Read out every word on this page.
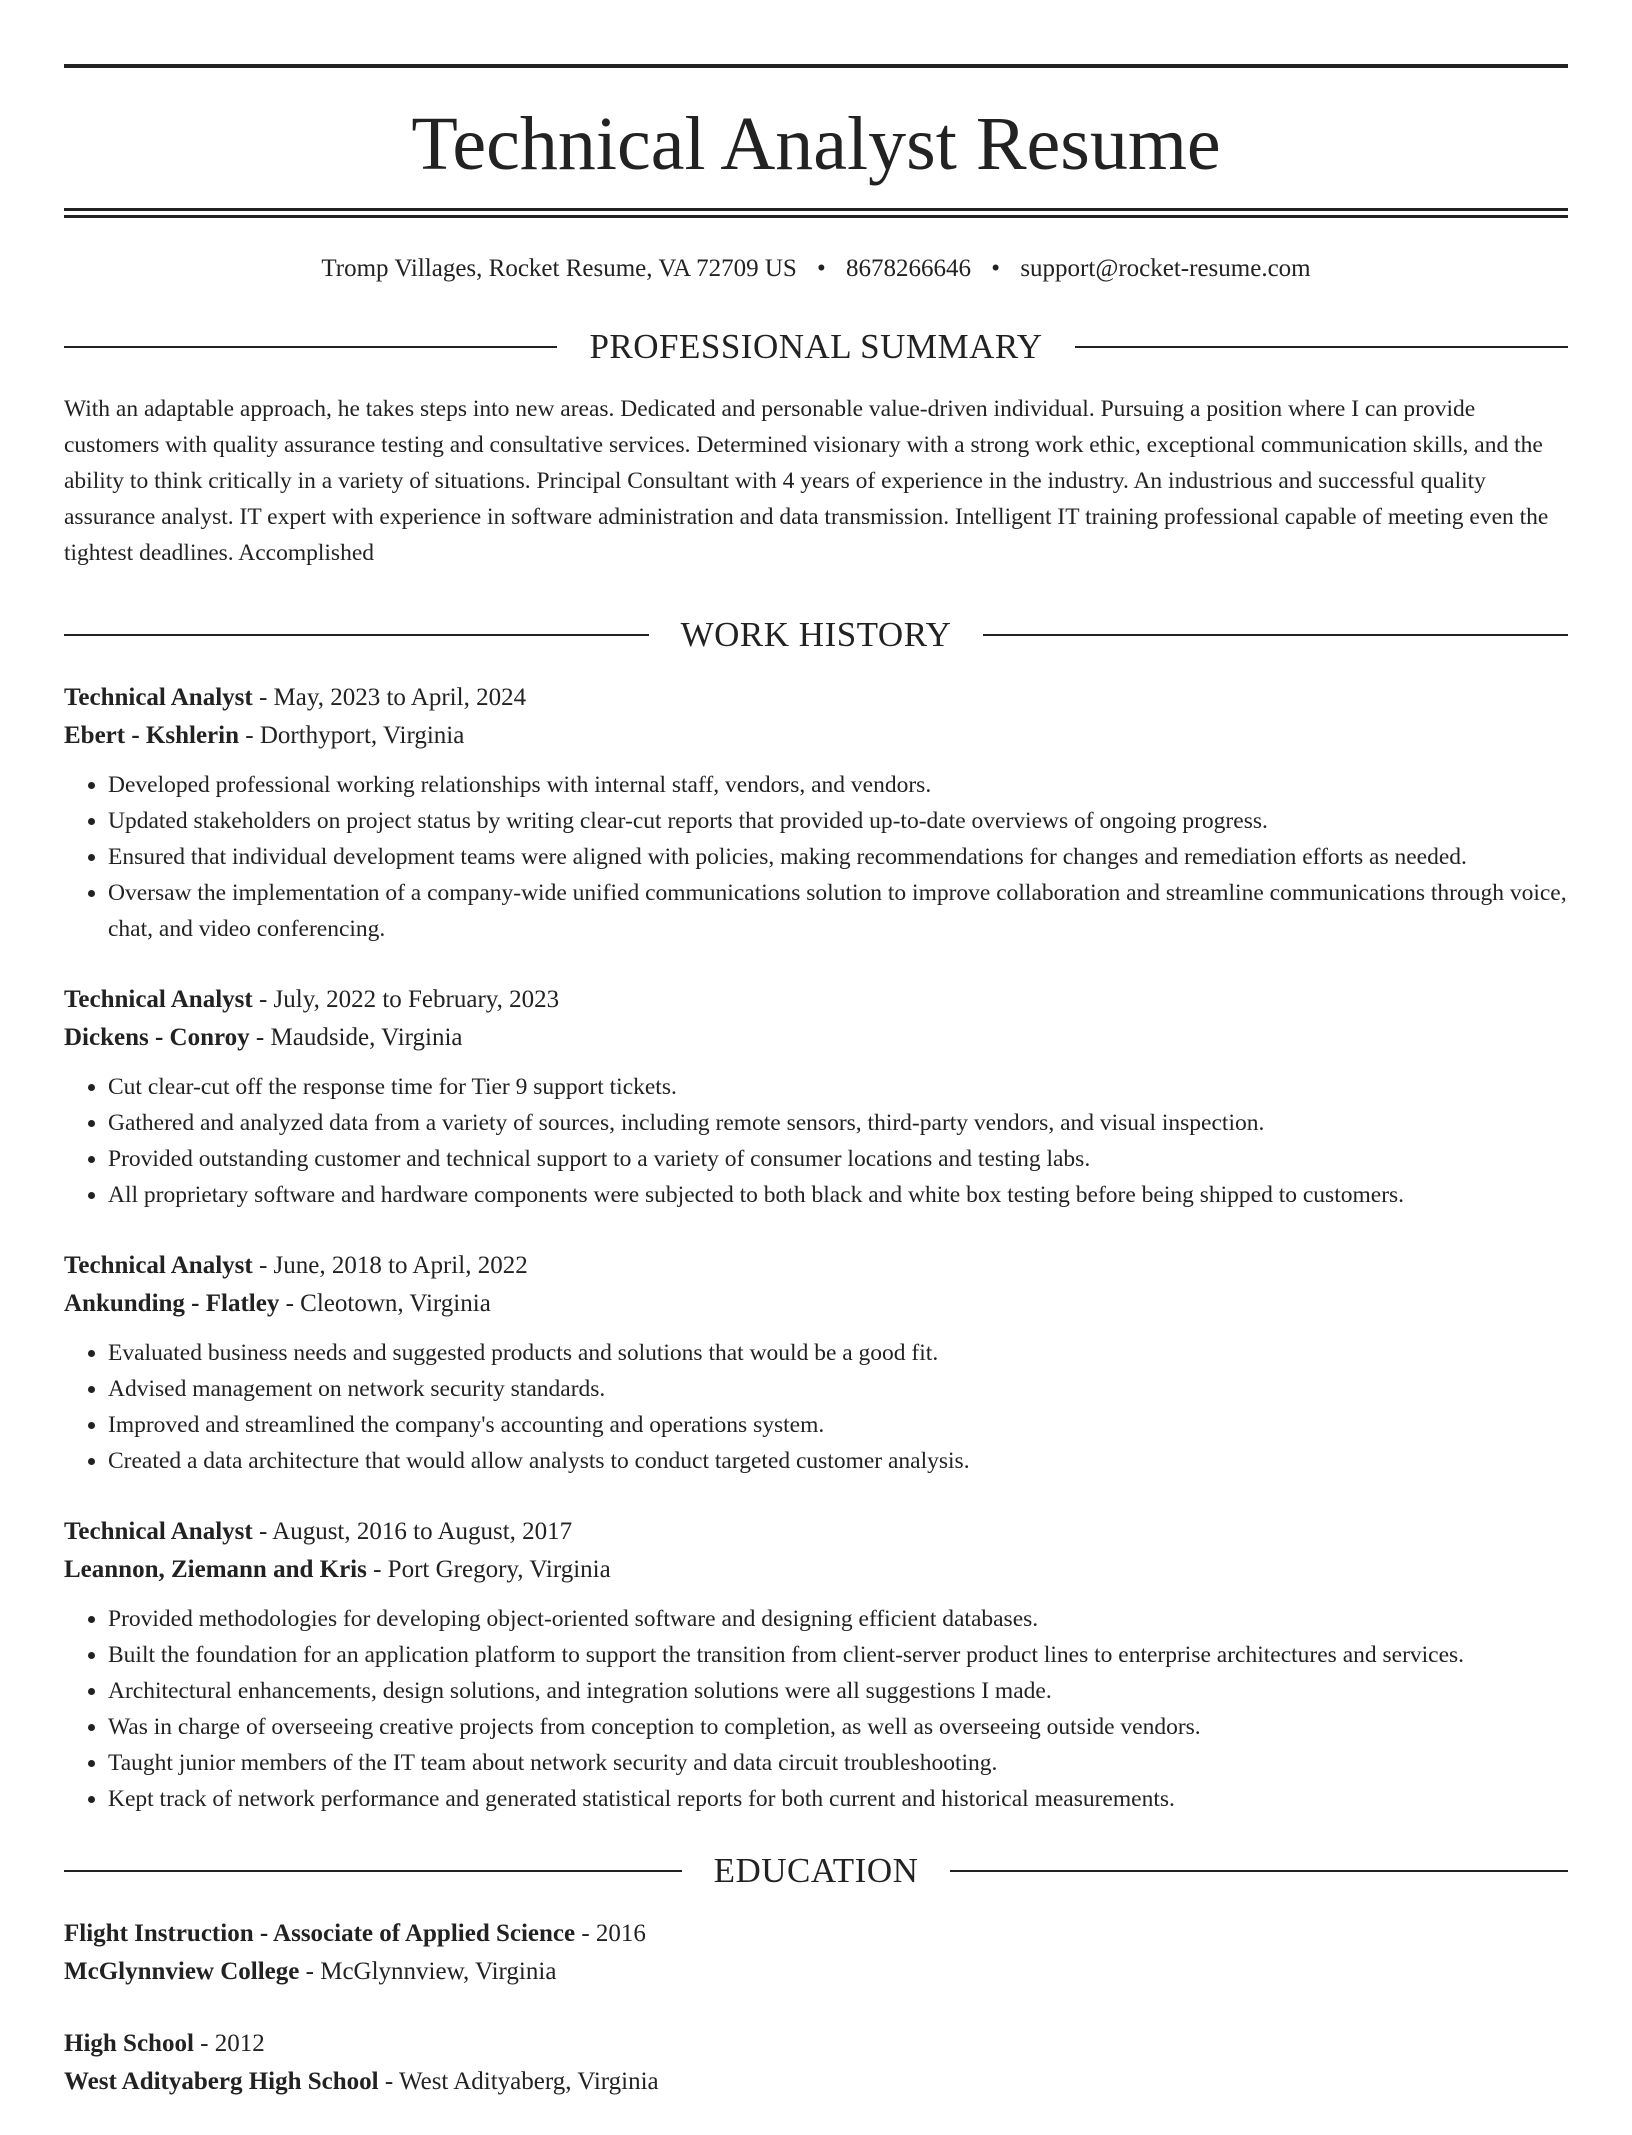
Technical Analyst Resume
Tromp Villages, Rocket Resume, VA 72709 US • 8678266646 • support@rocket-resume.com
PROFESSIONAL SUMMARY

With an adaptable approach, he takes steps into new areas. Dedicated and personable value-driven individual. Pursuing a position where I can provide customers with quality assurance testing and consultative services. Determined visionary with a strong work ethic, exceptional communication skills, and the ability to think critically in a variety of situations. Principal Consultant with 4 years of experience in the industry. An industrious and successful quality assurance analyst. IT expert with experience in software administration and data transmission. Intelligent IT training professional capable of meeting even the tightest deadlines. Accomplished

WORK HISTORY
Technical Analyst - May, 2023 to April, 2024
Ebert - Kshlerin - Dorthyport, Virginia
• Developed professional working relationships with internal staff, vendors, and vendors.
• Updated stakeholders on project status by writing clear-cut reports that provided up-to-date overviews of ongoing progress.
• Ensured that individual development teams were aligned with policies, making recommendations for changes and remediation efforts as needed.
• Oversaw the implementation of a company-wide unified communications solution to improve collaboration and streamline communications through voice, chat, and video conferencing.
Technical Analyst - July, 2022 to February, 2023
Dickens - Conroy - Maudside, Virginia
• Cut clear-cut off the response time for Tier 9 support tickets.
• Gathered and analyzed data from a variety of sources, including remote sensors, third-party vendors, and visual inspection.
• Provided outstanding customer and technical support to a variety of consumer locations and testing labs.
• All proprietary software and hardware components were subjected to both black and white box testing before being shipped to customers.
Technical Analyst - June, 2018 to April, 2022
Ankunding - Flatley - Cleotown, Virginia
• Evaluated business needs and suggested products and solutions that would be a good fit.
• Advised management on network security standards.
• Improved and streamlined the company's accounting and operations system.
• Created a data architecture that would allow analysts to conduct targeted customer analysis.
Technical Analyst - August, 2016 to August, 2017
Leannon, Ziemann and Kris - Port Gregory, Virginia
• Provided methodologies for developing object-oriented software and designing efficient databases.
• Built the foundation for an application platform to support the transition from client-server product lines to enterprise architectures and services.
• Architectural enhancements, design solutions, and integration solutions were all suggestions I made.
• Was in charge of overseeing creative projects from conception to completion, as well as overseeing outside vendors.
• Taught junior members of the IT team about network security and data circuit troubleshooting.
• Kept track of network performance and generated statistical reports for both current and historical measurements.
EDUCATION
Flight Instruction - Associate of Applied Science - 2016
McGlynnview College - McGlynnview, Virginia
High School - 2012
West Adityaberg High School - West Adityaberg, Virginia
